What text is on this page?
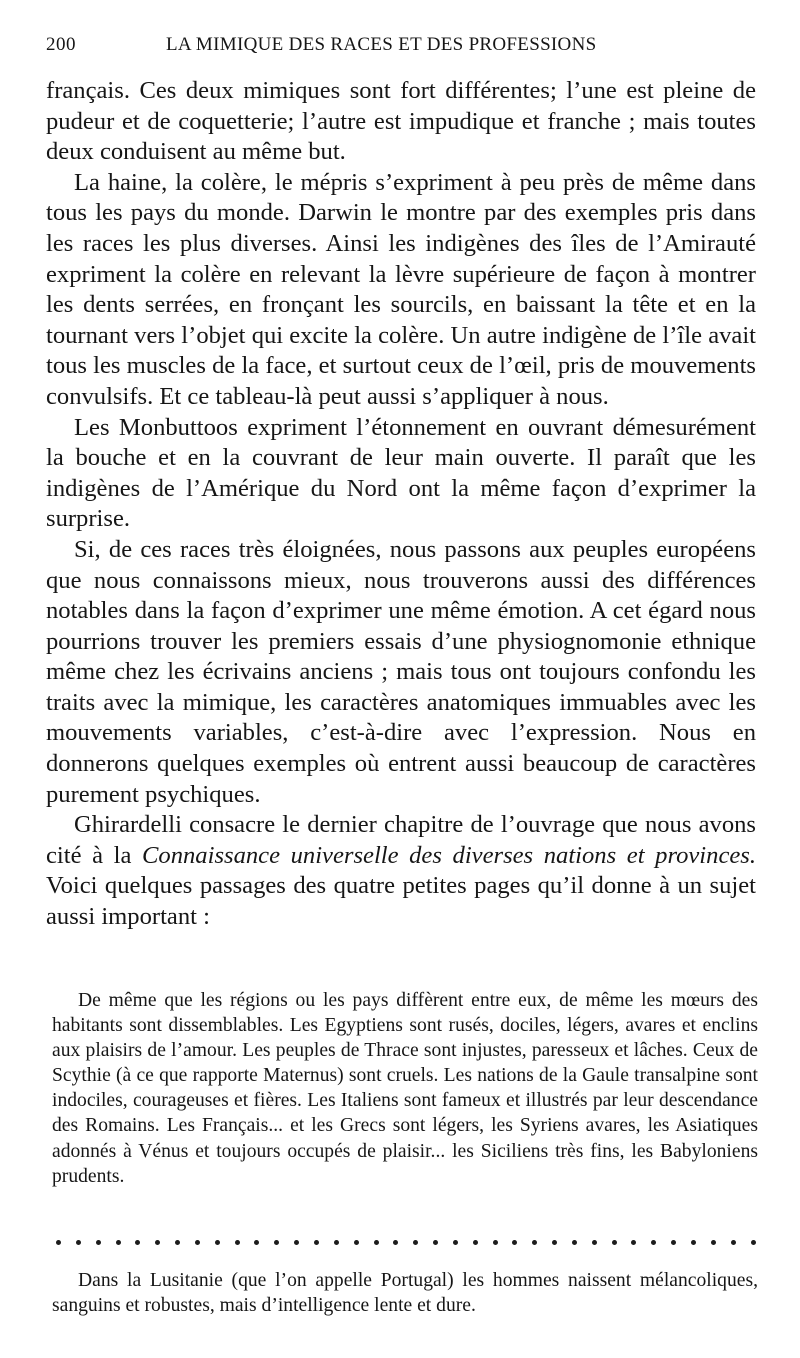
200	LA MIMIQUE DES RACES ET DES PROFESSIONS

français. Ces deux mimiques sont fort différentes; l’une est pleine de pudeur et de coquetterie; l’autre est impudique et franche ; mais toutes deux conduisent au même but.

La haine, la colère, le mépris s’expriment à peu près de même dans tous les pays du monde. Darwin le montre par des exemples pris dans les races les plus diverses. Ainsi les indigènes des îles de l’Amirauté expriment la colère en relevant la lèvre supérieure de façon à montrer les dents serrées, en fronçant les sourcils, en baissant la tête et en la tournant vers l’objet qui excite la colère. Un autre indigène de l’île avait tous les muscles de la face, et surtout ceux de l’œil, pris de mouvements convulsifs. Et ce tableau-là peut aussi s’appliquer à nous.

Les Monbuttoos expriment l’étonnement en ouvrant démesurément la bouche et en la couvrant de leur main ouverte. Il paraît que les indigènes de l’Amérique du Nord ont la même façon d’exprimer la surprise.

Si, de ces races très éloignées, nous passons aux peuples européens que nous connaissons mieux, nous trouverons aussi des différences notables dans la façon d’exprimer une même émotion. A cet égard nous pourrions trouver les premiers essais d’une physiognomonie ethnique même chez les écrivains anciens ; mais tous ont toujours confondu les traits avec la mimique, les caractères anatomiques immuables avec les mouvements variables, c’est-à-dire avec l’expression. Nous en donnerons quelques exemples où entrent aussi beaucoup de caractères purement psychiques.

Ghirardelli consacre le dernier chapitre de l’ouvrage que nous avons cité à la Connaissance universelle des diverses nations et provinces. Voici quelques passages des quatre petites pages qu’il donne à un sujet aussi important :

De même que les régions ou les pays diffèrent entre eux, de même les mœurs des habitants sont dissemblables. Les Egyptiens sont rusés, dociles, légers, avares et enclins aux plaisirs de l’amour. Les peuples de Thrace sont injustes, paresseux et lâches. Ceux de Scythie (à ce que rapporte Maternus) sont cruels. Les nations de la Gaule transalpine sont indociles, courageuses et fières. Les Italiens sont fameux et illustrés par leur descendance des Romains. Les Français... et les Grecs sont légers, les Syriens avares, les Asiatiques adonnés à Vénus et toujours occupés de plaisir... les Siciliens très fins, les Babyloniens prudents.

Dans la Lusitanie (que l’on appelle Portugal) les hommes naissent mélancoliques, sanguins et robustes, mais d’intelligence lente et dure.
